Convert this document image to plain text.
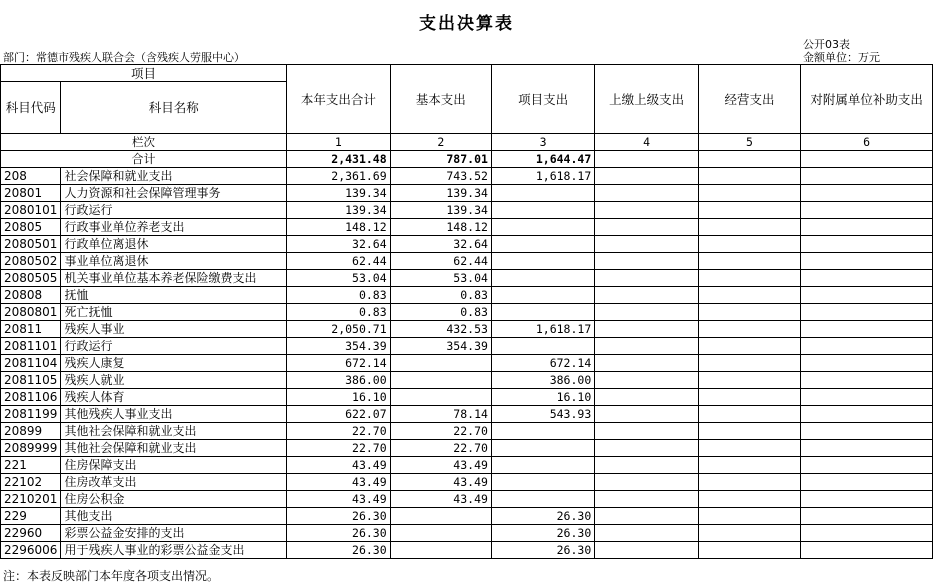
支出决算表
公开03表
金额单位：万元
部门：常德市残疾人联合会（含残疾人劳服中心）
项目		本年支出合计	基本支出	项目支出	上缴上级支出	经营支出	对附属单位补助支出
科目代码	科目名称						
栏次		1	2	3	4	5	6
合计		2,431.48	787.01	1,644.47			
208	社会保障和就业支出	2,361.69	743.52	1,618.17			
20801	人力资源和社会保障管理事务	139.34	139.34				
2080101	行政运行	139.34	139.34				
20805	行政事业单位养老支出	148.12	148.12				
2080501	行政单位离退休	32.64	32.64				
2080502	事业单位离退休	62.44	62.44				
2080505	机关事业单位基本养老保险缴费支出	53.04	53.04				
20808	抚恤	0.83	0.83				
2080801	死亡抚恤	0.83	0.83				
20811	残疾人事业	2,050.71	432.53	1,618.17			
2081101	行政运行	354.39	354.39				
2081104	残疾人康复	672.14		672.14			
2081105	残疾人就业	386.00		386.00			
2081106	残疾人体育	16.10		16.10			
2081199	其他残疾人事业支出	622.07	78.14	543.93			
20899	其他社会保障和就业支出	22.70	22.70				
2089999	其他社会保障和就业支出	22.70	22.70				
221	住房保障支出	43.49	43.49				
22102	住房改革支出	43.49	43.49				
2210201	住房公积金	43.49	43.49				
229	其他支出	26.30		26.30			
22960	彩票公益金安排的支出	26.30		26.30			
2296006	用于残疾人事业的彩票公益金支出	26.30		26.30			
注：本表反映部门本年度各项支出情况。
